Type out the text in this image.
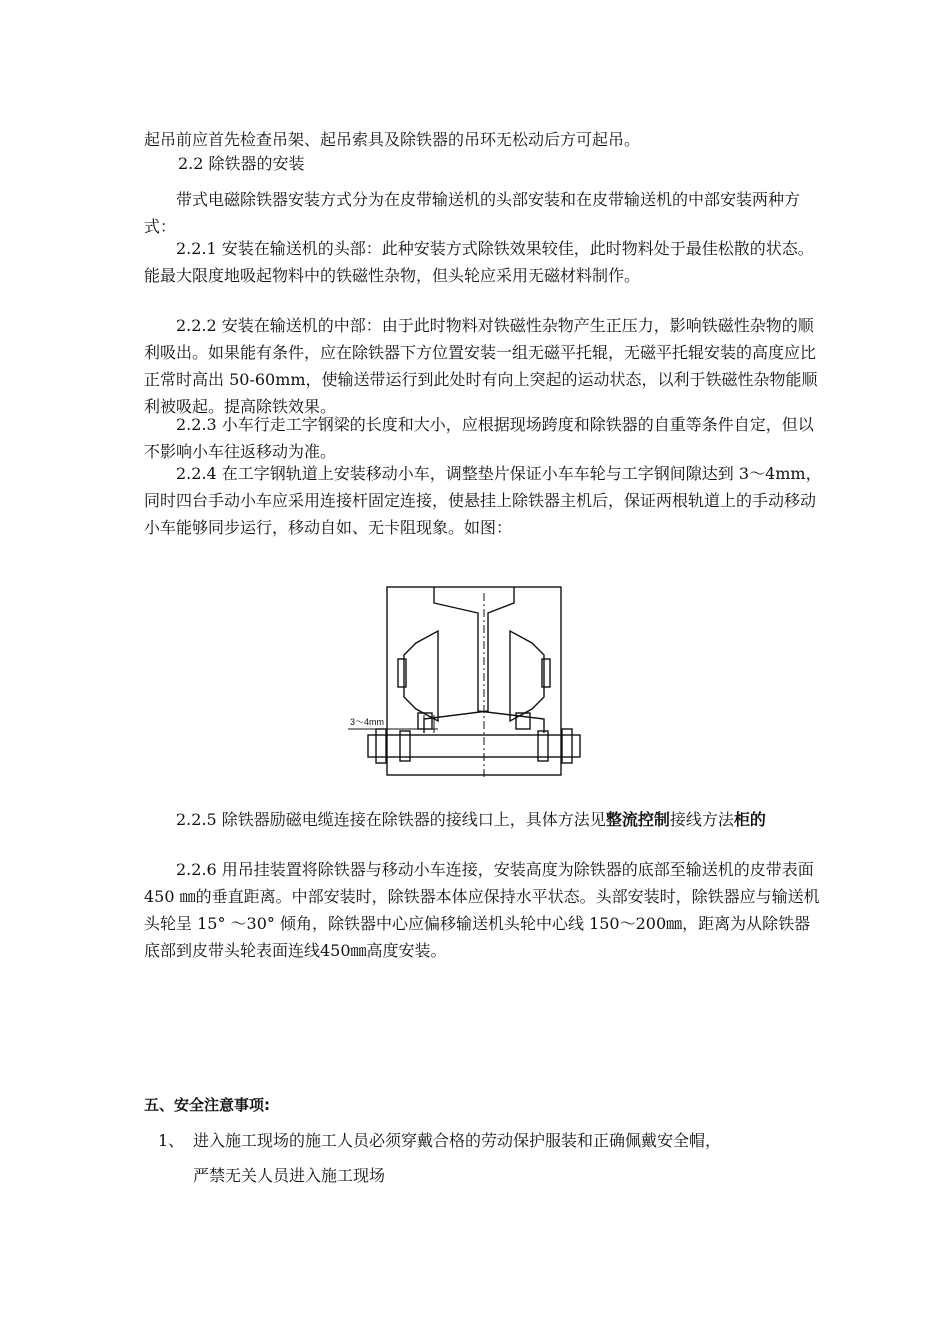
起吊前应首先检查吊架、起吊索具及除铁器的吊环无松动后方可起吊。

2.2 除铁器的安装

带式电磁除铁器安装方式分为在皮带输送机的头部安装和在皮带输送机的中部安装两种方式：

2.2.1 安装在输送机的头部：此种安装方式除铁效果较佳，此时物料处于最佳松散的状态。能最大限度地吸起物料中的铁磁性杂物，但头轮应采用无磁材料制作。

2.2.2 安装在输送机的中部：由于此时物料对铁磁性杂物产生正压力，影响铁磁性杂物的顺利吸出。如果能有条件，应在除铁器下方位置安装一组无磁平托辊，无磁平托辊安装的高度应比正常时高出 50-60mm，使输送带运行到此处时有向上突起的运动状态，以利于铁磁性杂物能顺利被吸起。提高除铁效果。

2.2.3 小车行走工字钢梁的长度和大小，应根据现场跨度和除铁器的自重等条件自定，但以不影响小车往返移动为准。

2.2.4 在工字钢轨道上安装移动小车，调整垫片保证小车车轮与工字钢间隙达到 3～4mm，同时四台手动小车应采用连接杆固定连接，使悬挂上除铁器主机后，保证两根轨道上的手动移动小车能够同步运行，移动自如、无卡阻现象。如图：

3～4mm

2.2.5 除铁器励磁电缆连接在除铁器的接线口上，具体方法见整流控制接线方法柜的

2.2.6 用吊挂装置将除铁器与移动小车连接，安装高度为除铁器的底部至输送机的皮带表面 450 ㎜的垂直距离。中部安装时，除铁器本体应保持水平状态。头部安装时，除铁器应与输送机头轮呈 15° ～30° 倾角，除铁器中心应偏移输送机头轮中心线 150～200㎜，距离为从除铁器底部到皮带头轮表面连线450㎜高度安装。

五、安全注意事项:

1、 进入施工现场的施工人员必须穿戴合格的劳动保护服装和正确佩戴安全帽，

严禁无关人员进入施工现场
